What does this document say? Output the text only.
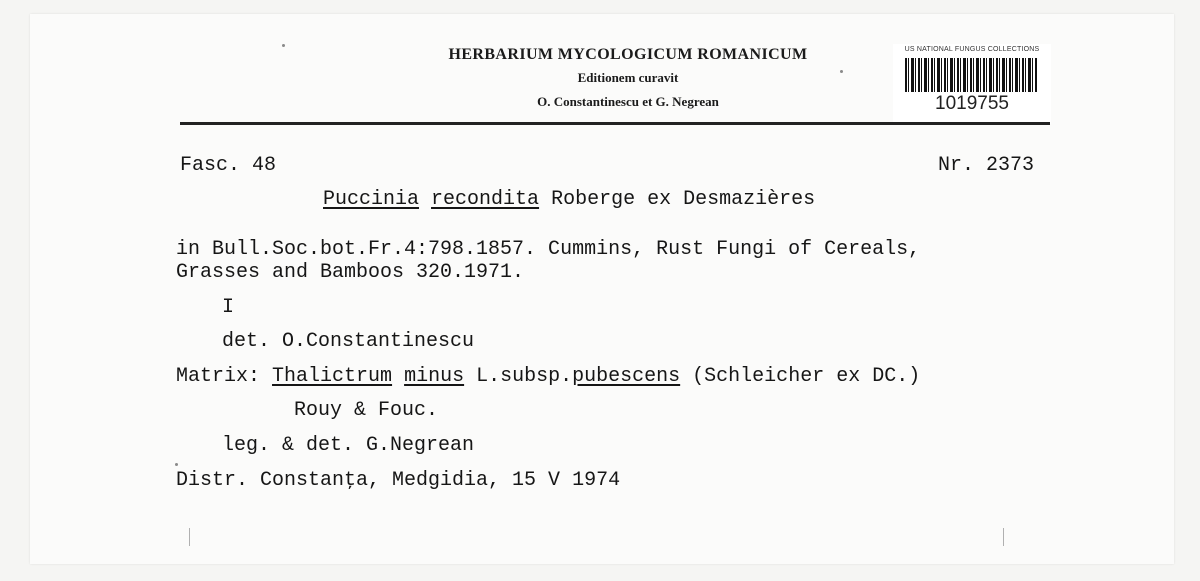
HERBARIUM MYCOLOGICUM ROMANICUM
Editionem curavit
O. Constantinescu et G. Negrean
US NATIONAL FUNGUS COLLECTIONS
1019755
Fasc. 48	Nr. 2373
Puccinia recondita Roberge ex Desmazières
in Bull.Soc.bot.Fr.4:798.1857. Cummins, Rust Fungi of Cereals,
Grasses and Bamboos 320.1971.
I
det. O.Constantinescu
Matrix: Thalictrum minus L.subsp.pubescens (Schleicher ex DC.)
Rouy & Fouc.
leg. & det. G.Negrean
Distr. Constanţa, Medgidia, 15 V 1974
